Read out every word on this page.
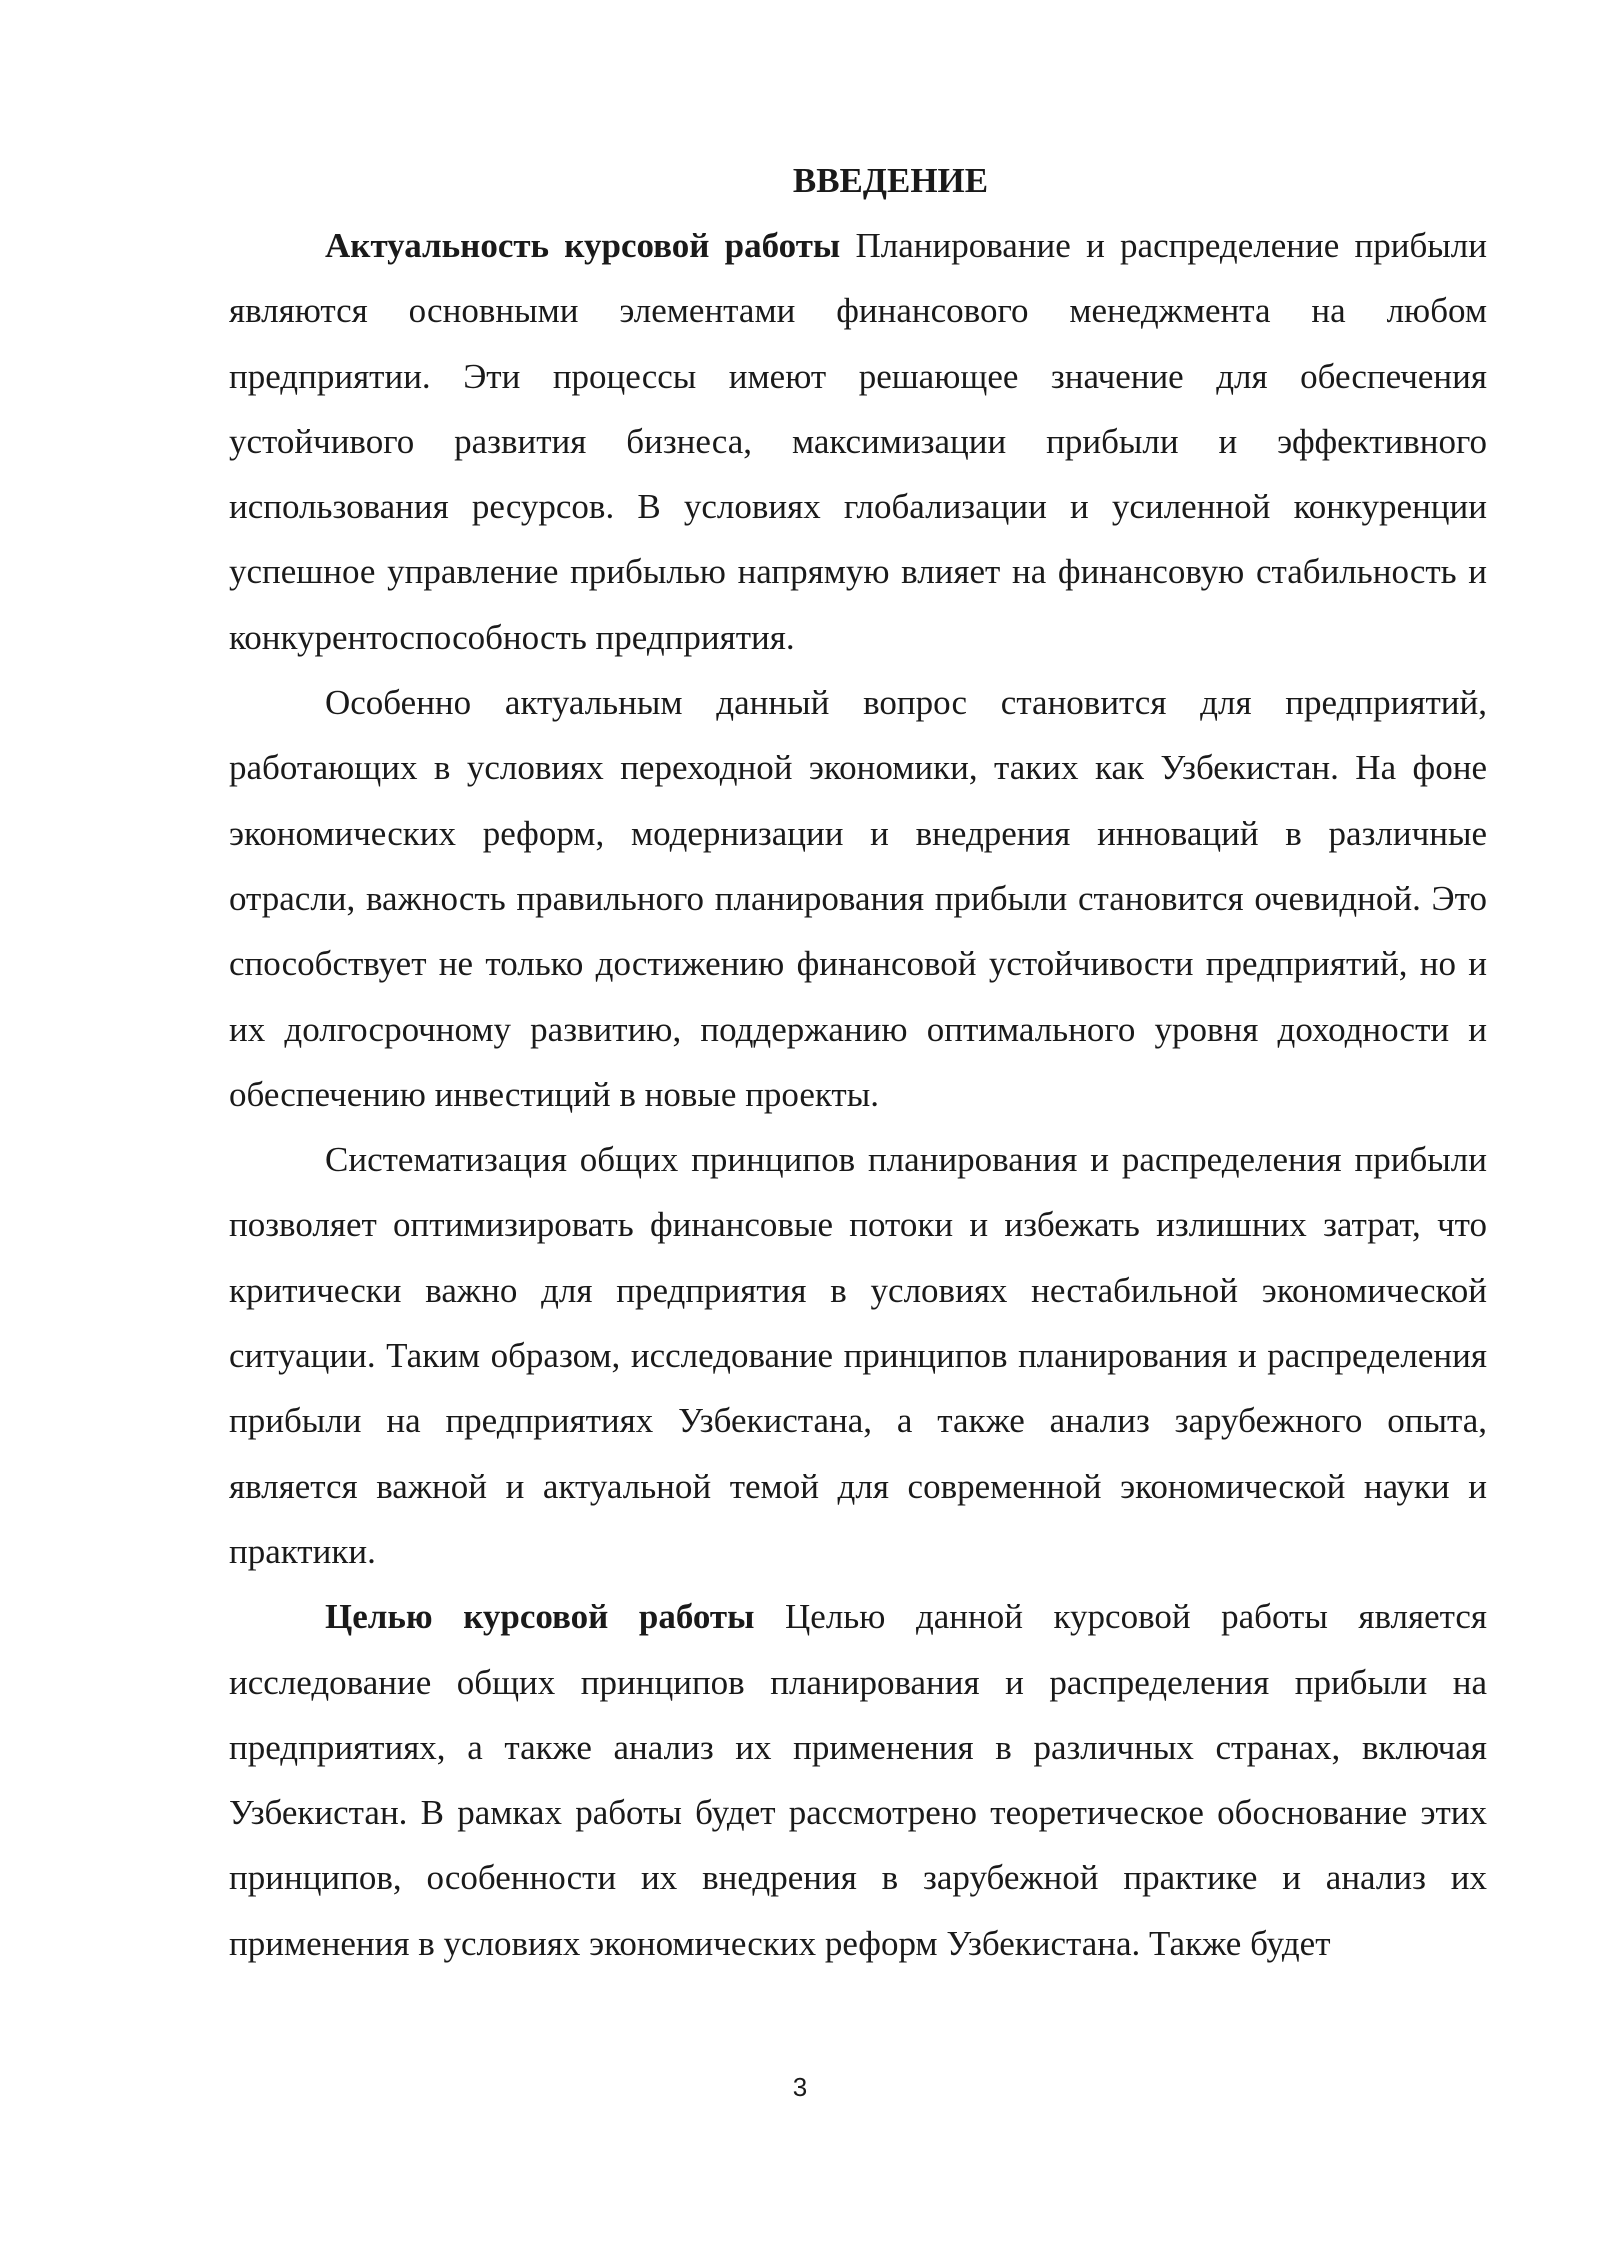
ВВЕДЕНИЕ

Актуальность курсовой работы Планирование и распределение прибыли являются основными элементами финансового менеджмента на любом предприятии. Эти процессы имеют решающее значение для обеспечения устойчивого развития бизнеса, максимизации прибыли и эффективного использования ресурсов. В условиях глобализации и усиленной конкуренции успешное управление прибылью напрямую влияет на финансовую стабильность и конкурентоспособность предприятия.

Особенно актуальным данный вопрос становится для предприятий, работающих в условиях переходной экономики, таких как Узбекистан. На фоне экономических реформ, модернизации и внедрения инноваций в различные отрасли, важность правильного планирования прибыли становится очевидной. Это способствует не только достижению финансовой устойчивости предприятий, но и их долгосрочному развитию, поддержанию оптимального уровня доходности и обеспечению инвестиций в новые проекты.

Систематизация общих принципов планирования и распределения прибыли позволяет оптимизировать финансовые потоки и избежать излишних затрат, что критически важно для предприятия в условиях нестабильной экономической ситуации. Таким образом, исследование принципов планирования и распределения прибыли на предприятиях Узбекистана, а также анализ зарубежного опыта, является важной и актуальной темой для современной экономической науки и практики.

Целью курсовой работы Целью данной курсовой работы является исследование общих принципов планирования и распределения прибыли на предприятиях, а также анализ их применения в различных странах, включая Узбекистан. В рамках работы будет рассмотрено теоретическое обоснование этих принципов, особенности их внедрения в зарубежной практике и анализ их применения в условиях экономических реформ Узбекистана. Также будет

3
